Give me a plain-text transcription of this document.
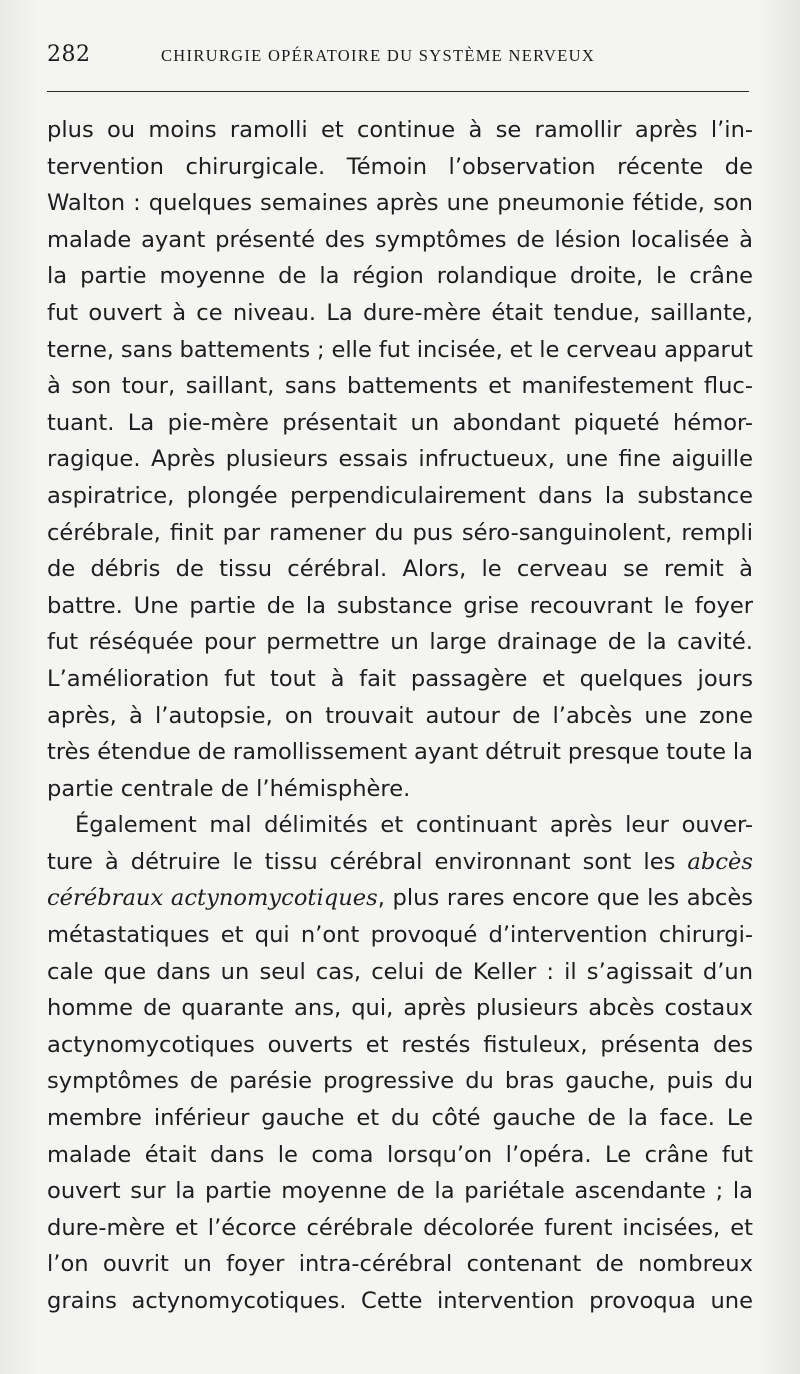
282	CHIRURGIE OPÉRATOIRE DU SYSTÈME NERVEUX
plus ou moins ramolli et continue à se ramollir après l’in-
tervention chirurgicale. Témoin l’observation récente de
Walton : quelques semaines après une pneumonie fétide, son
malade ayant présenté des symptômes de lésion localisée à
la partie moyenne de la région rolandique droite, le crâne
fut ouvert à ce niveau. La dure-mère était tendue, saillante,
terne, sans battements ; elle fut incisée, et le cerveau apparut
à son tour, saillant, sans battements et manifestement fluc-
tuant. La pie-mère présentait un abondant piqueté hémor-
ragique. Après plusieurs essais infructueux, une fine aiguille
aspiratrice, plongée perpendiculairement dans la substance
cérébrale, finit par ramener du pus séro-sanguinolent, rempli
de débris de tissu cérébral. Alors, le cerveau se remit à
battre. Une partie de la substance grise recouvrant le foyer
fut réséquée pour permettre un large drainage de la cavité.
L’amélioration fut tout à fait passagère et quelques jours
après, à l’autopsie, on trouvait autour de l’abcès une zone
très étendue de ramollissement ayant détruit presque toute la
partie centrale de l’hémisphère.
Également mal délimités et continuant après leur ouver-
ture à détruire le tissu cérébral environnant sont les abcès
cérébraux actynomycotiques, plus rares encore que les abcès
métastatiques et qui n’ont provoqué d’intervention chirurgi-
cale que dans un seul cas, celui de Keller : il s’agissait d’un
homme de quarante ans, qui, après plusieurs abcès costaux
actynomycotiques ouverts et restés fistuleux, présenta des
symptômes de parésie progressive du bras gauche, puis du
membre inférieur gauche et du côté gauche de la face. Le
malade était dans le coma lorsqu’on l’opéra. Le crâne fut
ouvert sur la partie moyenne de la pariétale ascendante ; la
dure-mère et l’écorce cérébrale décolorée furent incisées, et
l’on ouvrit un foyer intra-cérébral contenant de nombreux
grains actynomycotiques. Cette intervention provoqua une
